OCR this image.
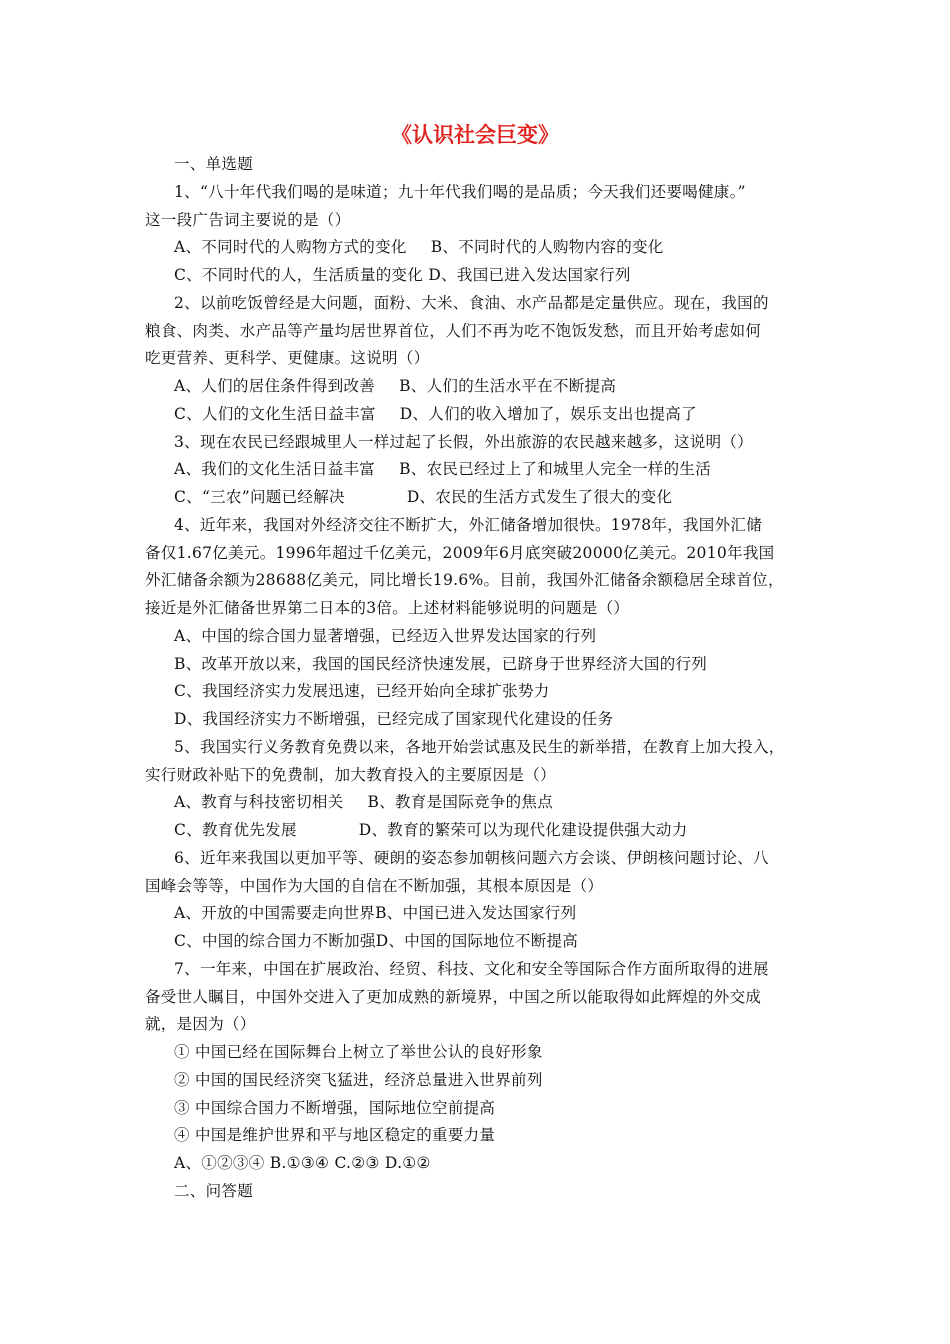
《认识社会巨变》
一、单选题
1、“八十年代我们喝的是味道；九十年代我们喝的是品质；今天我们还要喝健康。”
这一段广告词主要说的是（）
A、不同时代的人购物方式的变化 B、不同时代的人购物内容的变化
C、不同时代的人，生活质量的变化 D、我国已进入发达国家行列
2、以前吃饭曾经是大问题，面粉、大米、食油、水产品都是定量供应。现在，我国的
粮食、肉类、水产品等产量均居世界首位，人们不再为吃不饱饭发愁，而且开始考虑如何
吃更营养、更科学、更健康。这说明（）
A、人们的居住条件得到改善 B、人们的生活水平在不断提高
C、人们的文化生活日益丰富 D、人们的收入增加了，娱乐支出也提高了
3、现在农民已经跟城里人一样过起了长假，外出旅游的农民越来越多，这说明（）
A、我们的文化生活日益丰富 B、农民已经过上了和城里人完全一样的生活
C、“三农”问题已经解决	D、农民的生活方式发生了很大的变化
4、近年来，我国对外经济交往不断扩大，外汇储备增加很快。1978年，我国外汇储
备仅1.67亿美元。1996年超过千亿美元，2009年6月底突破20000亿美元。2010年我国
外汇储备余额为28688亿美元，同比增长19.6%。目前，我国外汇储备余额稳居全球首位，
接近是外汇储备世界第二日本的3倍。上述材料能够说明的问题是（）
A、中国的综合国力显著增强，已经迈入世界发达国家的行列
B、改革开放以来，我国的国民经济快速发展，已跻身于世界经济大国的行列
C、我国经济实力发展迅速，已经开始向全球扩张势力
D、我国经济实力不断增强，已经完成了国家现代化建设的任务
5、我国实行义务教育免费以来，各地开始尝试惠及民生的新举措，在教育上加大投入，
实行财政补贴下的免费制，加大教育投入的主要原因是（）
A、教育与科技密切相关 B、教育是国际竞争的焦点
C、教育优先发展	D、教育的繁荣可以为现代化建设提供强大动力
6、近年来我国以更加平等、硬朗的姿态参加朝核问题六方会谈、伊朗核问题讨论、八
国峰会等等，中国作为大国的自信在不断加强，其根本原因是（）
A、开放的中国需要走向世界B、中国已进入发达国家行列
C、中国的综合国力不断加强D、中国的国际地位不断提高
7、一年来，中国在扩展政治、经贸、科技、文化和安全等国际合作方面所取得的进展
备受世人瞩目，中国外交进入了更加成熟的新境界，中国之所以能取得如此辉煌的外交成
就，是因为（）
① 中国已经在国际舞台上树立了举世公认的良好形象
② 中国的国民经济突飞猛进，经济总量进入世界前列
③ 中国综合国力不断增强，国际地位空前提高
④ 中国是维护世界和平与地区稳定的重要力量
A、①②③④ B.①③④ C.②③ D.①②
二、问答题
